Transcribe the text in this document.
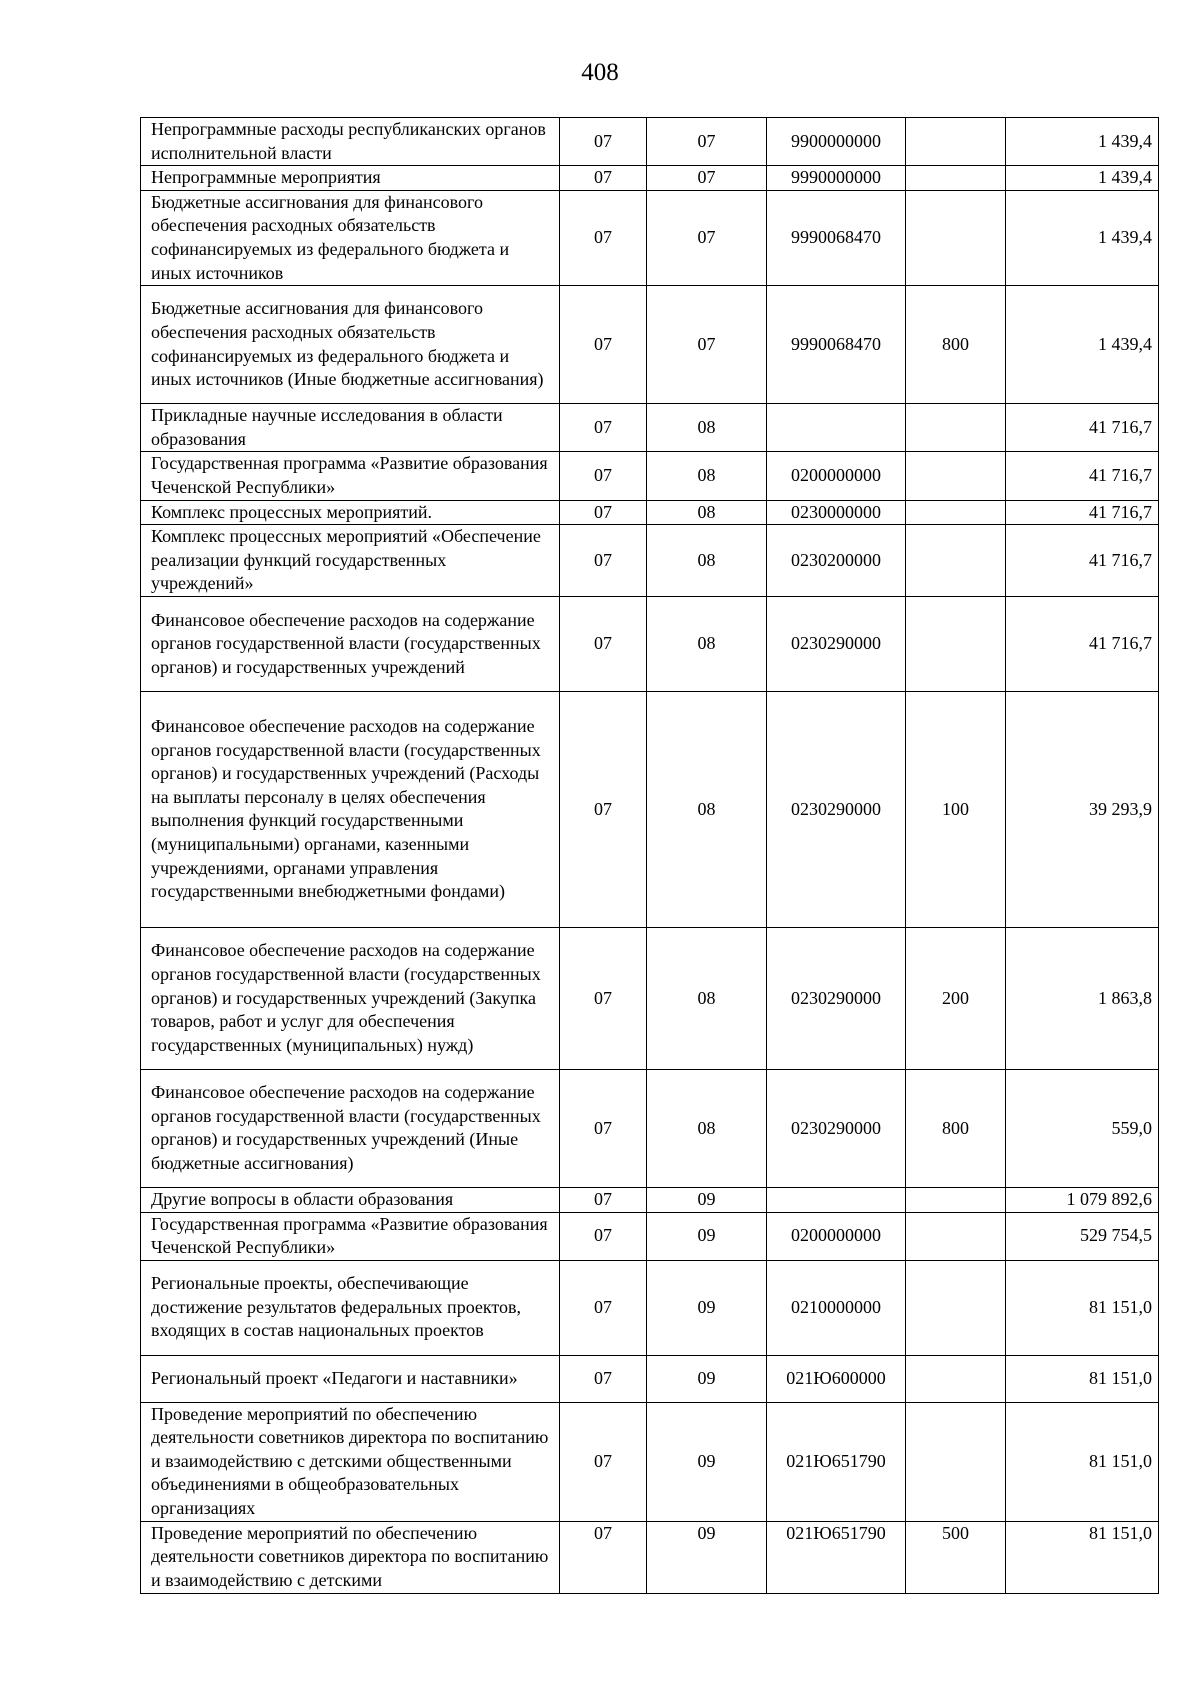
408
Непрограммные расходы республиканских органов исполнительной власти	07	07	9900000000		1 439,4
Непрограммные мероприятия	07	07	9990000000		1 439,4
Бюджетные ассигнования для финансового обеспечения расходных обязательств софинансируемых из федерального бюджета и иных источников	07	07	9990068470		1 439,4
Бюджетные ассигнования для финансового обеспечения расходных обязательств софинансируемых из федерального бюджета и иных источников (Иные бюджетные ассигнования)	07	07	9990068470	800	1 439,4
Прикладные научные исследования в области образования	07	08			41 716,7
Государственная программа «Развитие образования Чеченской Республики»	07	08	0200000000		41 716,7
Комплекс процессных мероприятий.	07	08	0230000000		41 716,7
Комплекс процессных мероприятий «Обеспечение реализации функций государственных учреждений»	07	08	0230200000		41 716,7
Финансовое обеспечение расходов на содержание органов государственной власти (государственных органов) и государственных учреждений	07	08	0230290000		41 716,7
Финансовое обеспечение расходов на содержание органов государственной власти (государственных органов) и государственных учреждений (Расходы на выплаты персоналу в целях обеспечения выполнения функций государственными (муниципальными) органами, казенными учреждениями, органами управления государственными внебюджетными фондами)	07	08	0230290000	100	39 293,9
Финансовое обеспечение расходов на содержание органов государственной власти (государственных органов) и государственных учреждений (Закупка товаров, работ и услуг для обеспечения государственных (муниципальных) нужд)	07	08	0230290000	200	1 863,8
Финансовое обеспечение расходов на содержание органов государственной власти (государственных органов) и государственных учреждений (Иные бюджетные ассигнования)	07	08	0230290000	800	559,0
Другие вопросы в области образования	07	09			1 079 892,6
Государственная программа «Развитие образования Чеченской Республики»	07	09	0200000000		529 754,5
Региональные проекты, обеспечивающие достижение результатов федеральных проектов, входящих в состав национальных проектов	07	09	0210000000		81 151,0
Региональный проект «Педагоги и наставники»	07	09	021Ю600000		81 151,0
Проведение мероприятий по обеспечению деятельности советников директора по воспитанию и взаимодействию с детскими общественными объединениями в общеобразовательных организациях	07	09	021Ю651790		81 151,0
Проведение мероприятий по обеспечению деятельности советников директора по воспитанию и взаимодействию с детскими	07	09	021Ю651790	500	81 151,0
